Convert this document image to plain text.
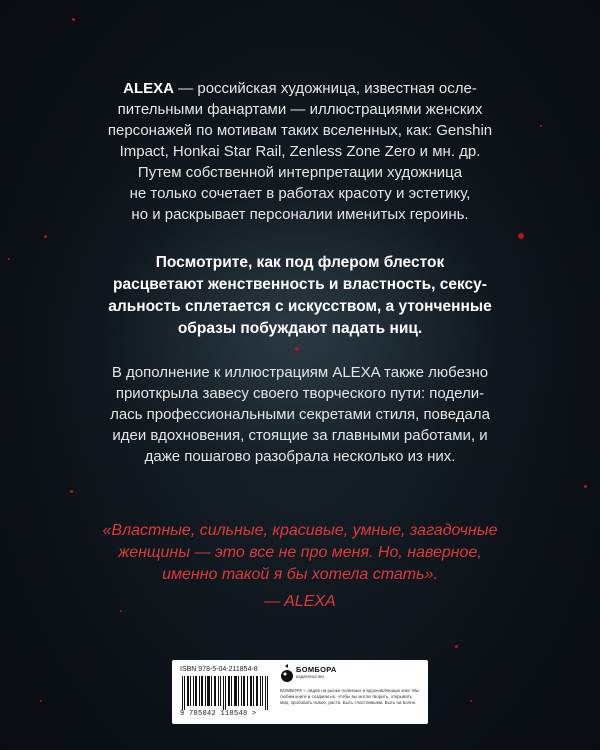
ALEXA — российская художница, известная осле-
пительными фанартами — иллюстрациями женских
персонажей по мотивам таких вселенных, как: Genshin
Impact, Honkai Star Rail, Zenless Zone Zero и мн. др.
Путем собственной интерпретации художница
не только сочетает в работах красоту и эстетику,
но и раскрывает персоналии именитых героинь.

Посмотрите, как под флером блесток
расцветают женственность и властность, сексу-
альность сплетается с искусством, а утонченные
образы побуждают падать ниц.

В дополнение к иллюстрациям ALEXA также любезно
приоткрыла завесу своего творческого пути: подели-
лась профессиональными секретами стиля, поведала
идеи вдохновения, стоящие за главными работами, и
даже пошагово разобрала несколько из них.

«Властные, сильные, красивые, умные, загадочные
женщины — это все не про меня. Но, наверное,
именно такой я бы хотела стать».

— ALEXA

ISBN 978-5-04-211854-8
9 785042 118548 >
БОМБОРА
издательство
БОМБОРА – лидер на рынке полезных и вдохновляющих книг. Мы любим книги и создаем их, чтобы вы могли творить, открывать мир, пробовать новое, расти. Быть счастливыми. Быть на волне.
